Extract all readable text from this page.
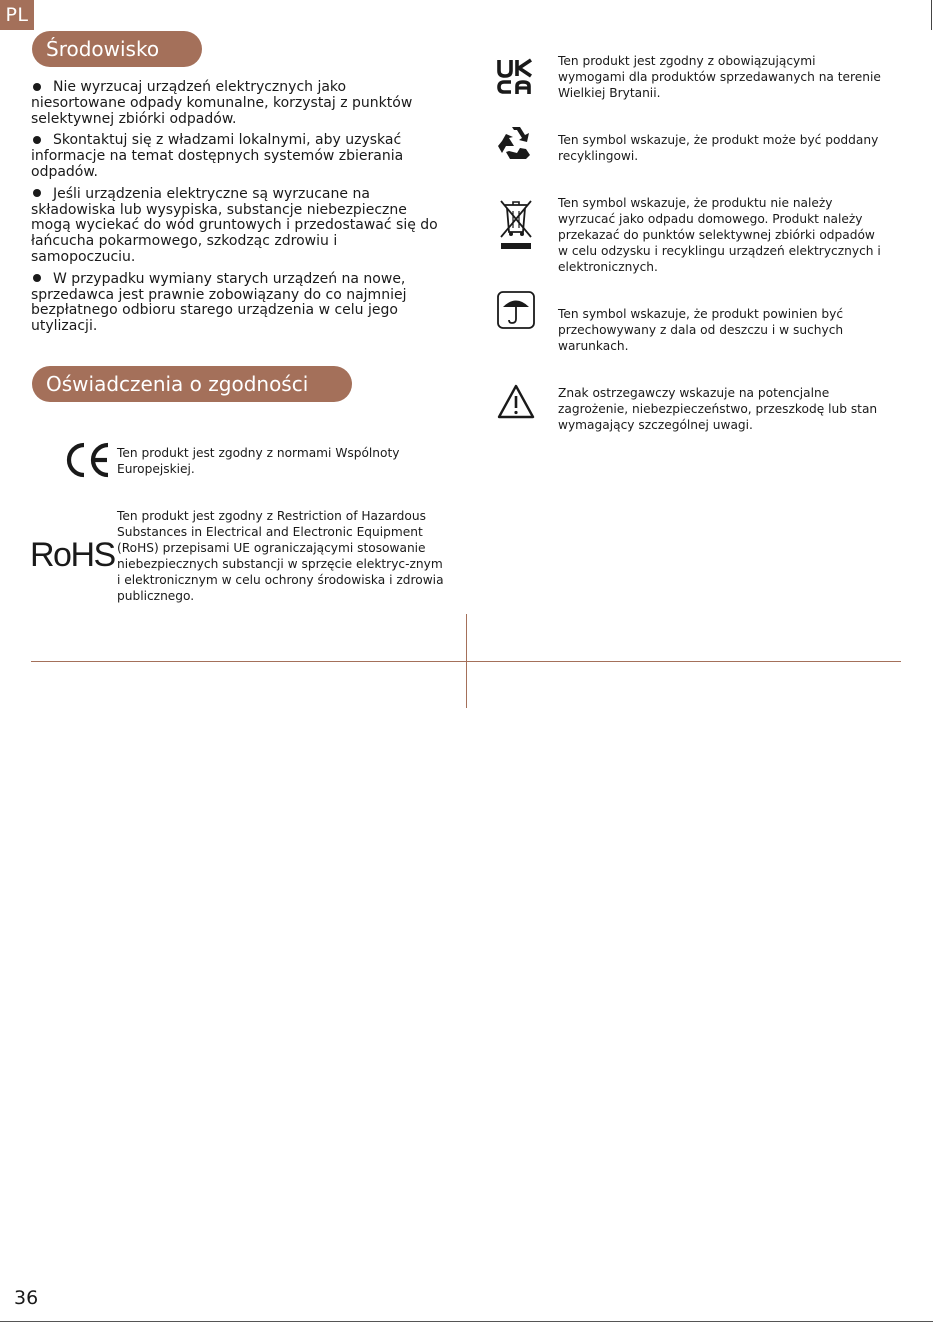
PL
Środowisko
Nie wyrzucaj urządzeń elektrycznych jako niesortowane odpady komunalne, korzystaj z punktów selektywnej zbiórki odpadów.
Skontaktuj się z władzami lokalnymi, aby uzyskać informacje na temat dostępnych systemów zbierania odpadów.
Jeśli urządzenia elektryczne są wyrzucane na składowiska lub wysypiska, substancje niebezpieczne mogą wyciekać do wód gruntowych i przedostawać się do łańcucha pokarmowego, szkodząc zdrowiu i samopoczuciu.
W przypadku wymiany starych urządzeń na nowe, sprzedawca jest prawnie zobowiązany do co najmniej bezpłatnego odbioru starego urządzenia w celu jego utylizacji.
Oświadczenia o zgodności
Ten produkt jest zgodny z normami Wspólnoty Europejskiej.
RoHS
Ten produkt jest zgodny z Restriction of Hazardous Substances in Electrical and Electronic Equipment (RoHS) przepisami UE ograniczającymi stosowanie niebezpiecznych substancji w sprzęcie elektryc-znym i elektronicznym w celu ochrony środowiska i zdrowia publicznego.
Ten produkt jest zgodny z obowiązującymi wymogami dla produktów sprzedawanych na terenie Wielkiej Brytanii.
Ten symbol wskazuje, że produkt może być poddany recyklingowi.
Ten symbol wskazuje, że produktu nie należy wyrzucać jako odpadu domowego. Produkt należy przekazać do punktów selektywnej zbiórki odpadów w celu odzysku i recyklingu urządzeń elektrycznych i elektronicznych.
Ten symbol wskazuje, że produkt powinien być przechowywany z dala od deszczu i w suchych warunkach.
Znak ostrzegawczy wskazuje na potencjalne zagrożenie, niebezpieczeństwo, przeszkodę lub stan wymagający szczególnej uwagi.
36
